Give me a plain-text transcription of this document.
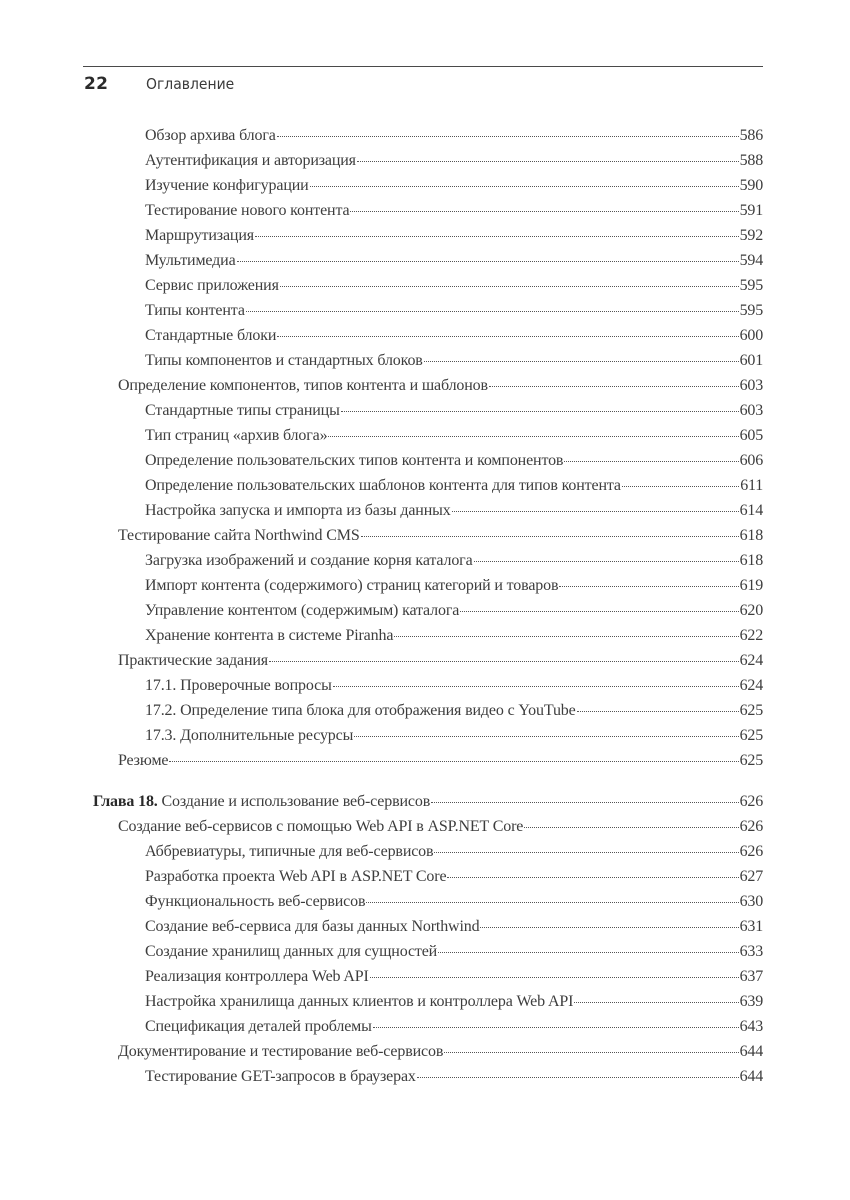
22	Оглавление
Обзор архива блога	586
Аутентификация и авторизация	588
Изучение конфигурации	590
Тестирование нового контента	591
Маршрутизация	592
Мультимедиа	594
Сервис приложения	595
Типы контента	595
Стандартные блоки	600
Типы компонентов и стандартных блоков	601
Определение компонентов, типов контента и шаблонов	603
Стандартные типы страницы	603
Тип страниц «архив блога»	605
Определение пользовательских типов контента и компонентов	606
Определение пользовательских шаблонов контента для типов контента	611
Настройка запуска и импорта из базы данных	614
Тестирование сайта Northwind CMS	618
Загрузка изображений и создание корня каталога	618
Импорт контента (содержимого) страниц категорий и товаров	619
Управление контентом (содержимым) каталога	620
Хранение контента в системе Piranha	622
Практические задания	624
17.1. Проверочные вопросы	624
17.2. Определение типа блока для отображения видео с YouTube	625
17.3. Дополнительные ресурсы	625
Резюме	625
Глава 18. Создание и использование веб-сервисов	626
Создание веб-сервисов с помощью Web API в ASP.NET Core	626
Аббревиатуры, типичные для веб-сервисов	626
Разработка проекта Web API в ASP.NET Core	627
Функциональность веб-сервисов	630
Создание веб-сервиса для базы данных Northwind	631
Создание хранилищ данных для сущностей	633
Реализация контроллера Web API	637
Настройка хранилища данных клиентов и контроллера Web API	639
Спецификация деталей проблемы	643
Документирование и тестирование веб-сервисов	644
Тестирование GET-запросов в браузерах	644
